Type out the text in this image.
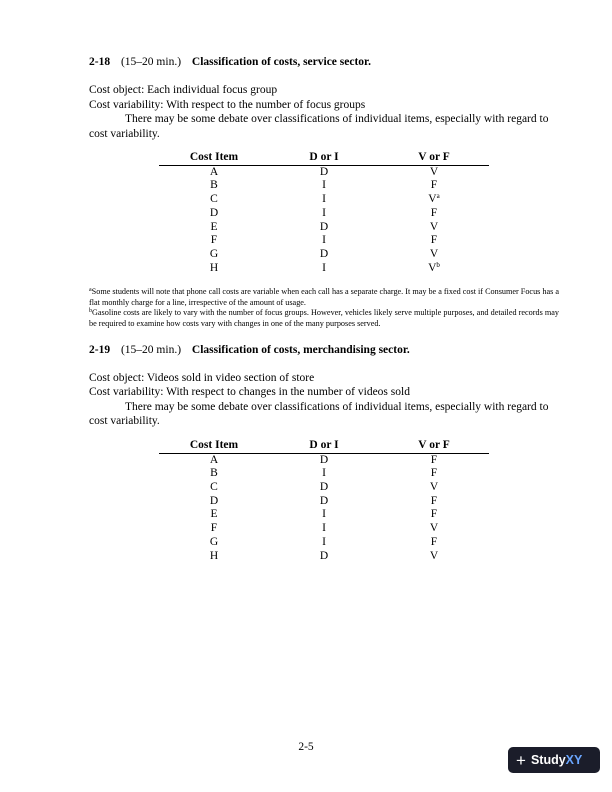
2-18 (15–20 min.) Classification of costs, service sector.

Cost object: Each individual focus group

Cost variability: With respect to the number of focus groups

There may be some debate over classifications of individual items, especially with regard to cost variability.

Cost Item	D or I	V or F
A	D	V
B	I	F
C	I	$V^a$
D	I	F
E	D	V
F	I	F
G	D	V
H	I	$V^b$

$^a$Some students will note that phone call costs are variable when each call has a separate charge. It may be a fixed cost if Consumer Focus has a flat monthly charge for a line, irrespective of the amount of usage.

$^b$Gasoline costs are likely to vary with the number of focus groups. However, vehicles likely serve multiple purposes, and detailed records may be required to examine how costs vary with changes in one of the many purposes served.

2-19 (15–20 min.) Classification of costs, merchandising sector.

Cost object: Videos sold in video section of store

Cost variability: With respect to changes in the number of videos sold

There may be some debate over classifications of individual items, especially with regard to cost variability.

Cost Item	D or I	V or F
A	D	F
B	I	F
C	D	V
D	D	F
E	I	F
F	I	V
G	I	F
H	D	V
2-5
+ Study XY
